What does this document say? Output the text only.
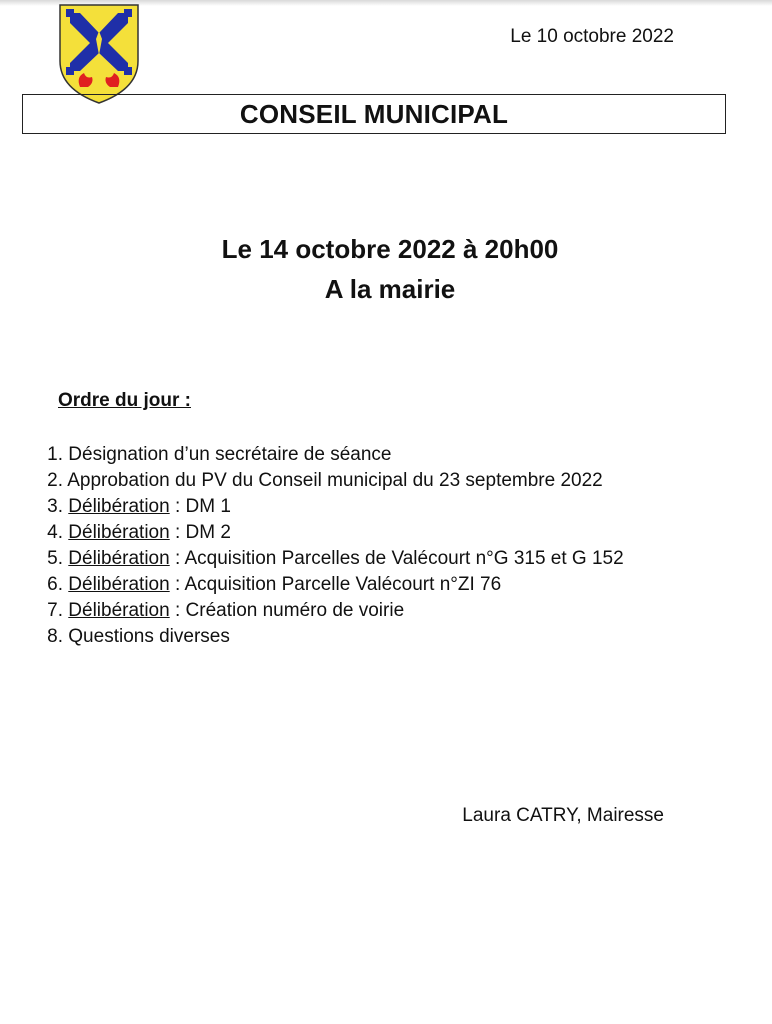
Le 10 octobre 2022
CONSEIL MUNICIPAL
Le 14 octobre 2022 à 20h00
A la mairie
Ordre du jour :
1. Désignation d’un secrétaire de séance
2. Approbation du PV du Conseil municipal du 23 septembre 2022
3. Délibération : DM 1
4. Délibération : DM 2
5. Délibération : Acquisition Parcelles de Valécourt n°G 315 et G 152
6. Délibération : Acquisition Parcelle Valécourt n°ZI 76
7. Délibération : Création numéro de voirie
8. Questions diverses
Laura CATRY, Mairesse
